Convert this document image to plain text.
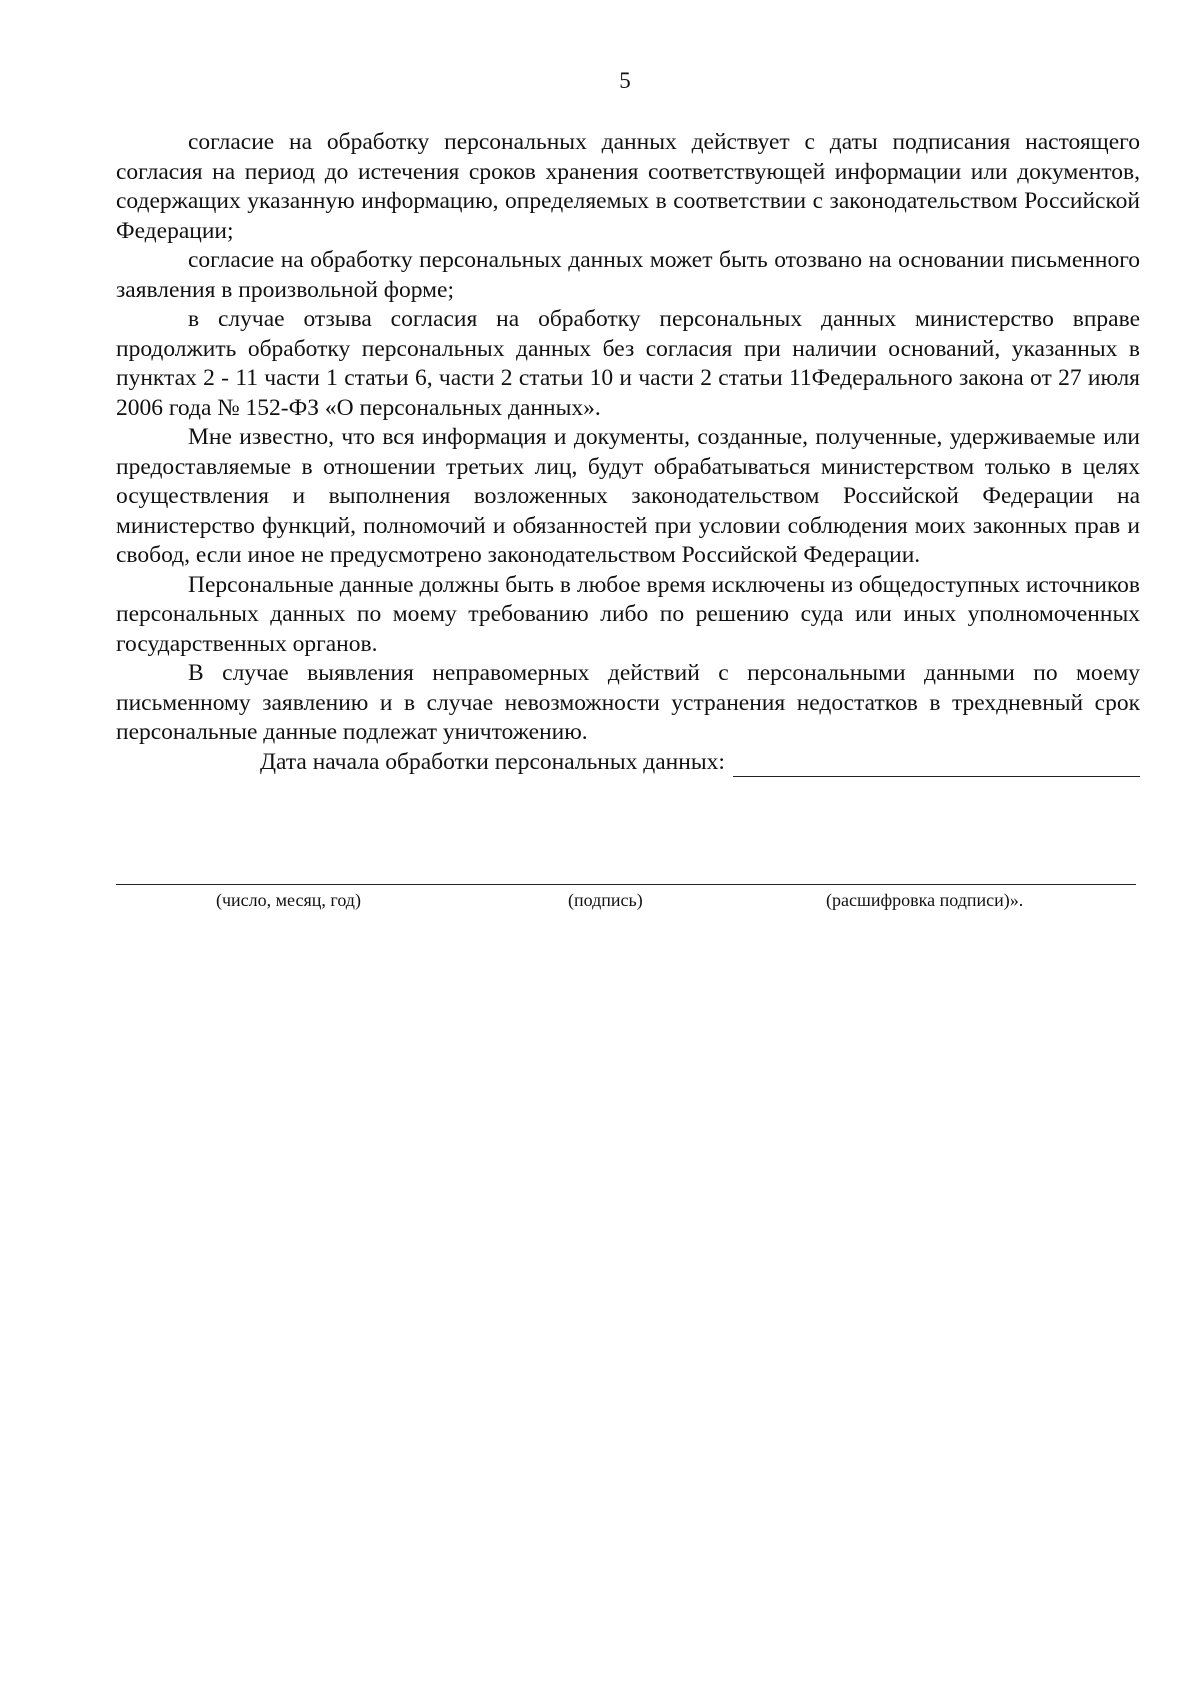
5

согласие на обработку персональных данных действует с даты подписания настоящего согласия на период до истечения сроков хранения соответствующей информации или документов, содержащих указанную информацию, определяемых в соответствии с законодательством Российской Федерации;

согласие на обработку персональных данных может быть отозвано на основании письменного заявления в произвольной форме;

в случае отзыва согласия на обработку персональных данных министерство вправе продолжить обработку персональных данных без согласия при наличии оснований, указанных в пунктах 2 - 11 части 1 статьи 6, части 2 статьи 10 и части 2 статьи 11Федерального закона от 27 июля 2006 года № 152-ФЗ «О персональных данных».

Мне известно, что вся информация и документы, созданные, полученные, удерживаемые или предоставляемые в отношении третьих лиц, будут обрабатываться министерством только в целях осуществления и выполнения возложенных законодательством Российской Федерации на министерство функций, полномочий и обязанностей при условии соблюдения моих законных прав и свобод, если иное не предусмотрено законодательством Российской Федерации.

Персональные данные должны быть в любое время исключены из общедоступных источников персональных данных по моему требованию либо по решению суда или иных уполномоченных государственных органов.

В случае выявления неправомерных действий с персональными данными по моему письменному заявлению и в случае невозможности устранения недостатков в трехдневный срок персональные данные подлежат уничтожению.

Дата начала обработки персональных данных:
(число, месяц, год)	(подпись)	(расшифровка подписи)».
